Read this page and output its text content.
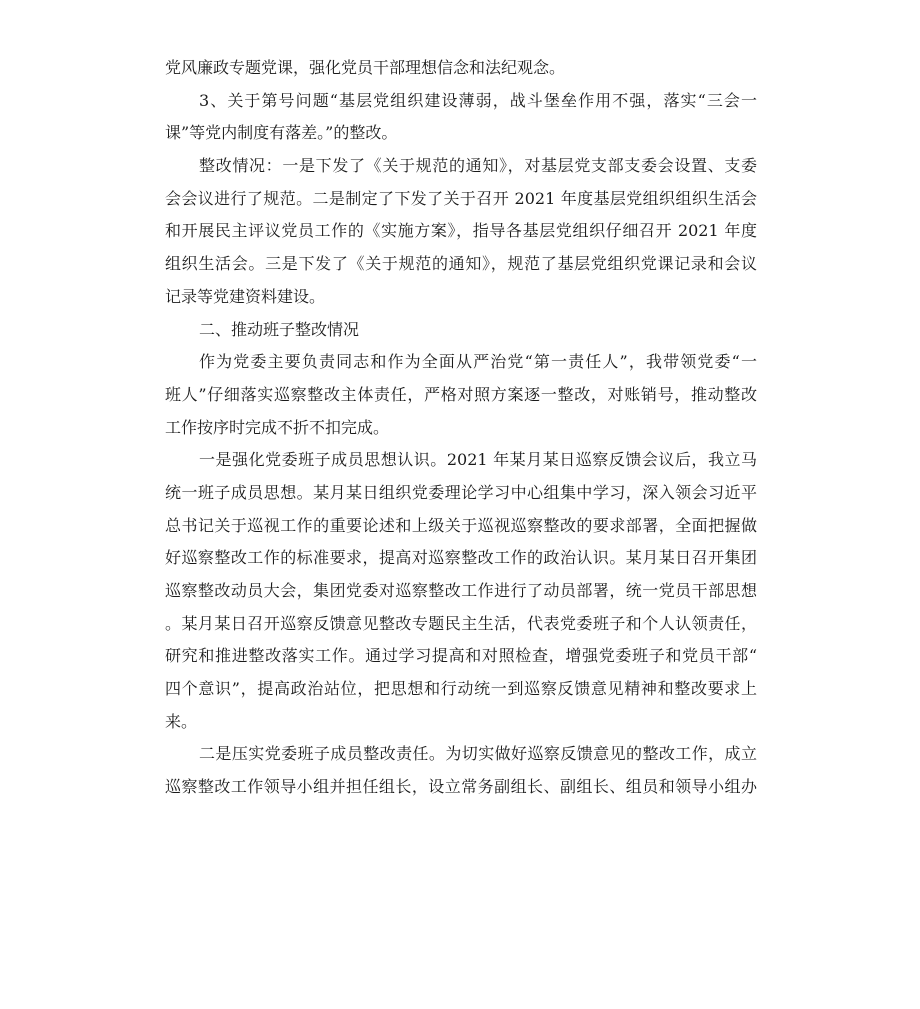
党风廉政专题党课，强化党员干部理想信念和法纪观念。
3、关于第号问题“基层党组织建设薄弱，战斗堡垒作用不强，落实“三会一
课”等党内制度有落差。”的整改。
整改情况：一是下发了《关于规范的通知》，对基层党支部支委会设置、支委
会会议进行了规范。二是制定了下发了关于召开 2021 年度基层党组织组织生活会
和开展民主评议党员工作的《实施方案》，指导各基层党组织仔细召开 2021 年度
组织生活会。三是下发了《关于规范的通知》，规范了基层党组织党课记录和会议
记录等党建资料建设。
二、推动班子整改情况
作为党委主要负责同志和作为全面从严治党“第一责任人”，我带领党委“一
班人”仔细落实巡察整改主体责任，严格对照方案逐一整改，对账销号，推动整改
工作按序时完成不折不扣完成。
一是强化党委班子成员思想认识。2021 年某月某日巡察反馈会议后，我立马
统一班子成员思想。某月某日组织党委理论学习中心组集中学习，深入领会习近平
总书记关于巡视工作的重要论述和上级关于巡视巡察整改的要求部署，全面把握做
好巡察整改工作的标准要求，提高对巡察整改工作的政治认识。某月某日召开集团
巡察整改动员大会，集团党委对巡察整改工作进行了动员部署，统一党员干部思想
。某月某日召开巡察反馈意见整改专题民主生活，代表党委班子和个人认领责任，
研究和推进整改落实工作。通过学习提高和对照检查，增强党委班子和党员干部“
四个意识”，提高政治站位，把思想和行动统一到巡察反馈意见精神和整改要求上
来。
二是压实党委班子成员整改责任。为切实做好巡察反馈意见的整改工作，成立
巡察整改工作领导小组并担任组长，设立常务副组长、副组长、组员和领导小组办
